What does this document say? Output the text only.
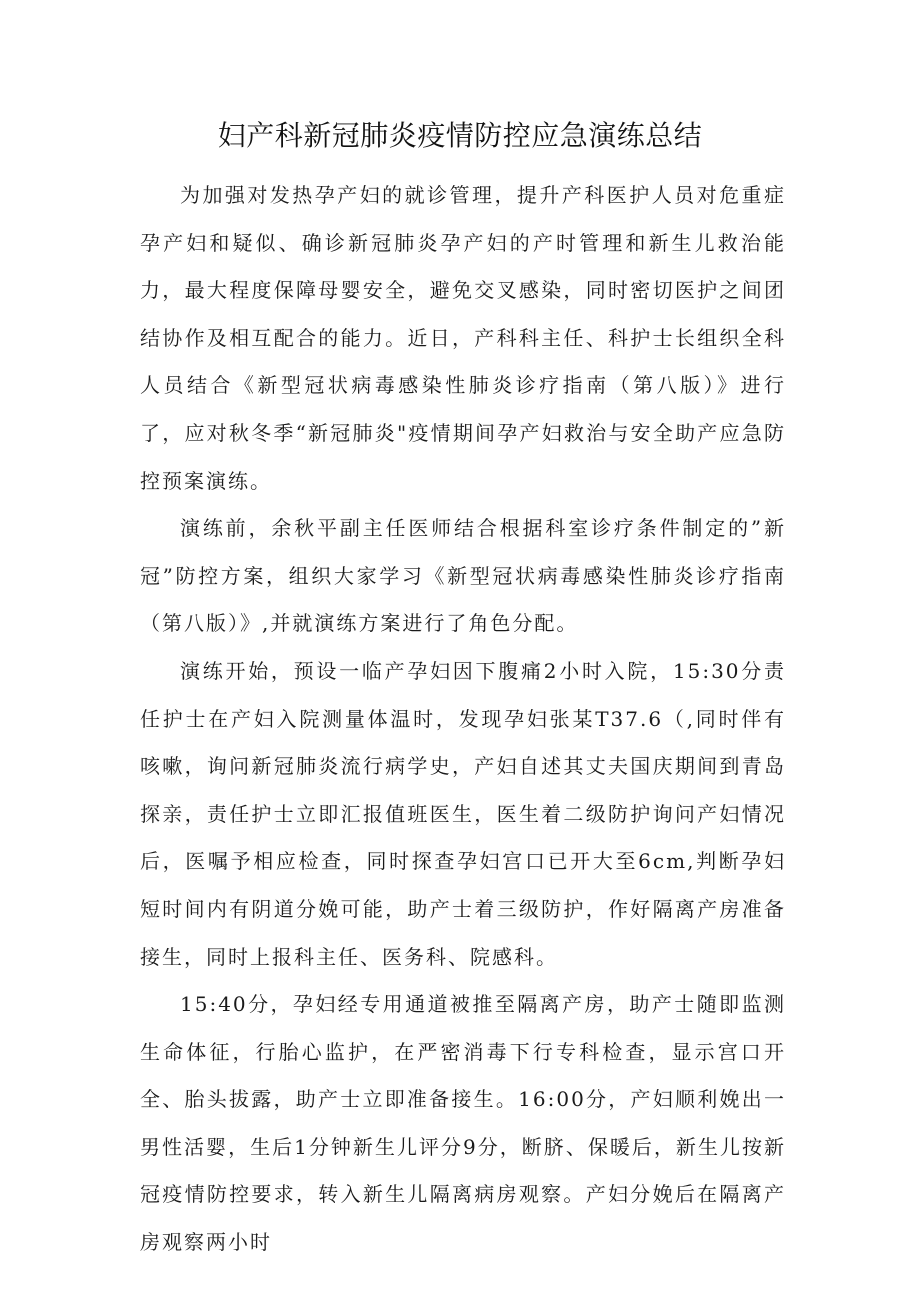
妇产科新冠肺炎疫情防控应急演练总结

为加强对发热孕产妇的就诊管理，提升产科医护人员对危重症孕产妇和疑似、确诊新冠肺炎孕产妇的产时管理和新生儿救治能力，最大程度保障母婴安全，避免交叉感染，同时密切医护之间团结协作及相互配合的能力。近日，产科科主任、科护士长组织全科人员结合《新型冠状病毒感染性肺炎诊疗指南（第八版）》进行了，应对秋冬季“新冠肺炎"疫情期间孕产妇救治与安全助产应急防控预案演练。

演练前，余秋平副主任医师结合根据科室诊疗条件制定的”新冠”防控方案，组织大家学习《新型冠状病毒感染性肺炎诊疗指南（第八版）》,并就演练方案进行了角色分配。

演练开始，预设一临产孕妇因下腹痛2小时入院，15:30分责任护士在产妇入院测量体温时，发现孕妇张某T37.6（,同时伴有咳嗽，询问新冠肺炎流行病学史，产妇自述其丈夫国庆期间到青岛探亲，责任护士立即汇报值班医生，医生着二级防护询问产妇情况后，医嘱予相应检查，同时探查孕妇宫口已开大至6cm,判断孕妇短时间内有阴道分娩可能，助产士着三级防护，作好隔离产房准备接生，同时上报科主任、医务科、院感科。

15:40分，孕妇经专用通道被推至隔离产房，助产士随即监测生命体征，行胎心监护，在严密消毒下行专科检查，显示宫口开全、胎头拔露，助产士立即准备接生。16:00分，产妇顺利娩出一男性活婴，生后1分钟新生儿评分9分，断脐、保暖后，新生儿按新冠疫情防控要求，转入新生儿隔离病房观察。产妇分娩后在隔离产房观察两小时
